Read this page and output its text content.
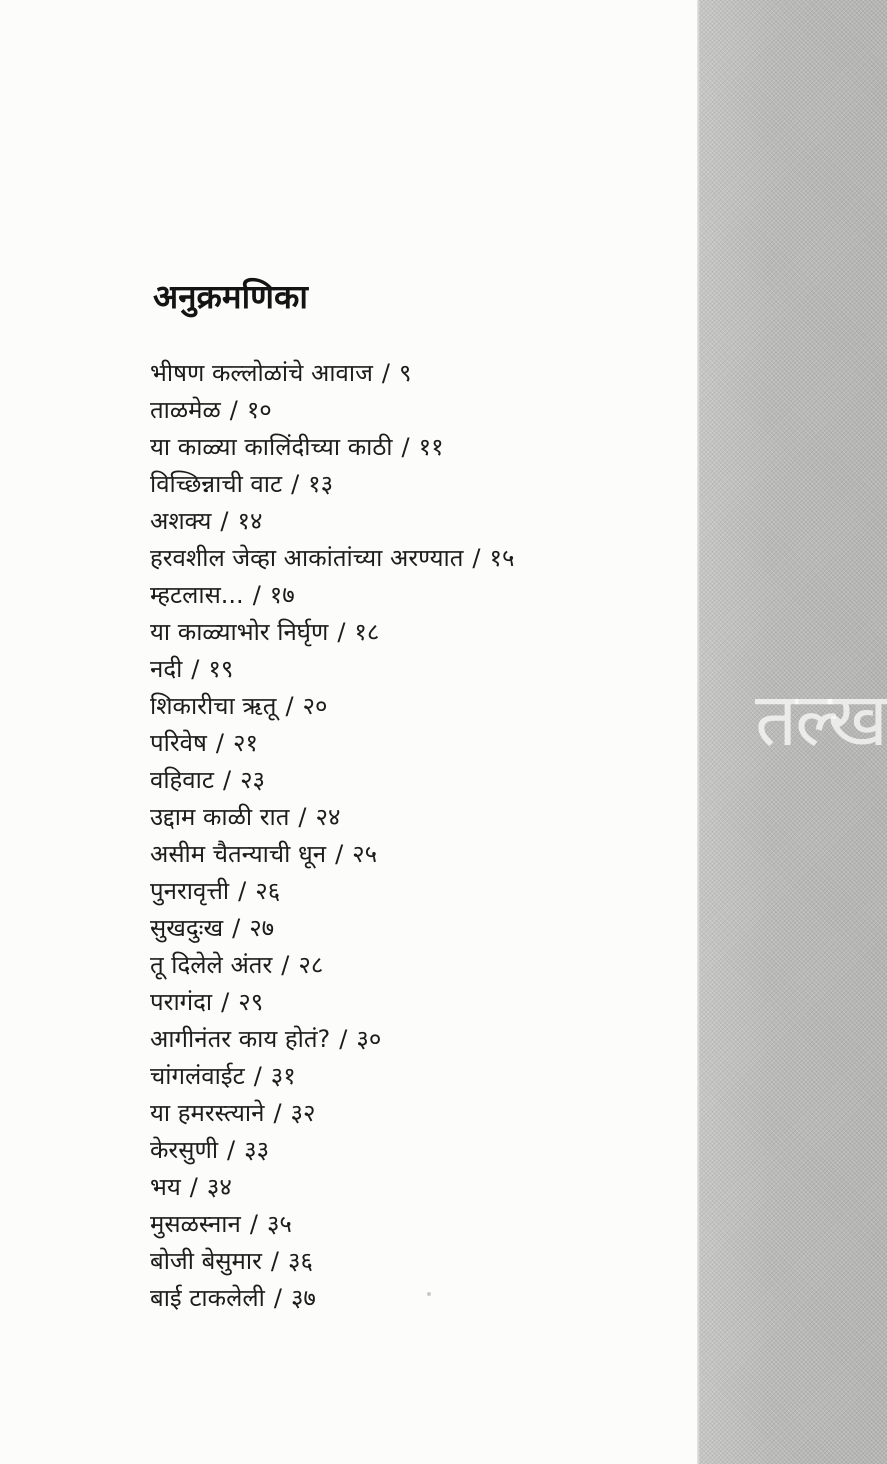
अनुक्रमणिका
भीषण कल्लोळांचे आवाज / ९
ताळमेळ / १०
या काळ्या कालिंदीच्या काठी / ११
विच्छिन्नाची वाट / १३
अशक्य / १४
हरवशील जेव्हा आकांतांच्या अरण्यात / १५
म्हटलास... / १७
या काळ्याभोर निर्घृण / १८
नदी / १९
शिकारीचा ऋतू / २०
परिवेष / २१
वहिवाट / २३
उद्दाम काळी रात / २४
असीम चैतन्याची धून / २५
पुनरावृत्ती / २६
सुखदुःख / २७
तू दिलेले अंतर / २८
परागंदा / २९
आगीनंतर काय होतं? / ३०
चांगलंवाईट / ३१
या हमरस्त्याने / ३२
केरसुणी / ३३
भय / ३४
मुसळस्नान / ३५
बोजी बेसुमार / ३६
बाई टाकलेली / ३७
तल्ख
